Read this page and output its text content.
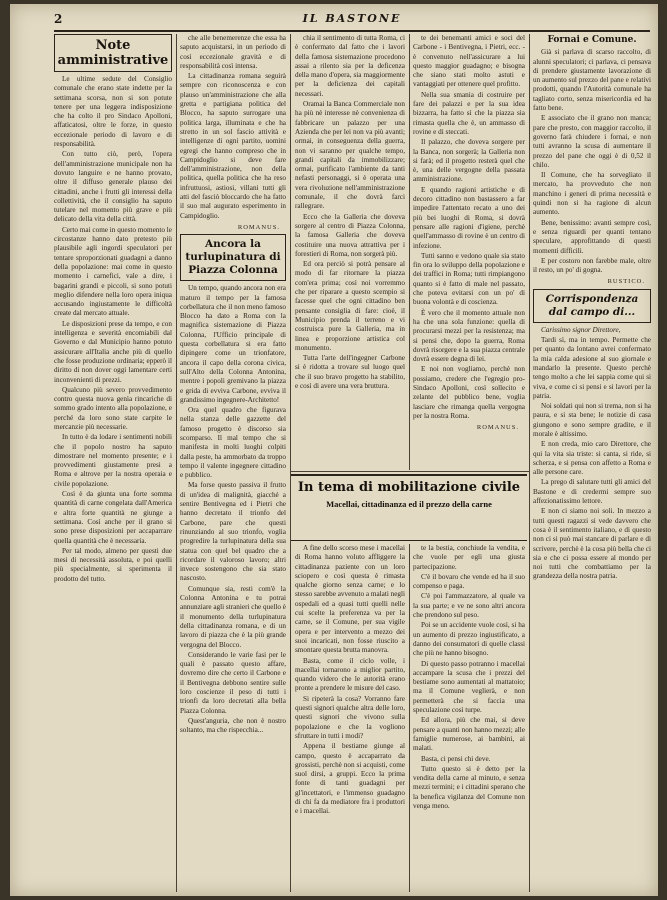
2	IL BASTONE
Note amministrative

Le ultime sedute del Consiglio comunale che erano state indette per la settimana scorsa, non si son potute tenere per una leggera indisposizione che ha colto il pro Sindaco Apolloni, affaticatosi, oltre le forze, in questo eccezionale periodo di lavoro e di responsabilità.

Con tutto ciò, però, l'opera dell'amministrazione municipale non ha dovuto languire e ne hanno provato, oltre il diffuso generale plauso dei cittadini, anche i frutti gli interessi della collettività, che il consiglio ha saputo tutelare nel momento più grave e più delicato della vita della città.

Certo mai come in questo momento le circostanze hanno dato pretesto più plausibile agli ingordi speculatori per tentare sproporzionati guadagni a danno della popolazione: mai come in questo momento i carnefici, vale a dire, i bagarini grandi e piccoli, si sono potuti meglio difendere nella loro opera iniqua accusando ingiustamente le difficoltà create dal mercato attuale.

Le disposizioni prese da tempo, e con intelligenza e severità encomiabili dal Governo e dal Municipio hanno potuto assicurare all'Italia anche più di quello che fosse produzione ordinaria; epperò il diritto di non dover oggi lamentare certi inconvenienti di prezzi.

Qualcuno più severo provvedimento contro questa nuova genìa rincariche di sommo grado intento alla popolazione, e perché da loro sono state carpite le mercanzie più necessarie.

In tutto è da lodare i sentimenti nobili che il popolo nostro ha saputo dimostrare nel momento presente; e i provvedimenti giustamente presi a Roma e altrove per la nostra operaia e civile popolazione.

Così è da giunta una forte somma quantità di carne congelata dall'America e altra forte quantità ne giunge a settimana. Così anche per il grano si sono prese disposizioni per accaparrare quella quantità che è necessaria.

Per tal modo, almeno per questi due mesi di necessità assoluta, e poi quelli più specialmente, si sperimenta il prodotto del tutto.

che alle benemerenze che essa ha saputo acquistarsi, in un periodo di così eccezionale gravità e di responsabilità così intensa.

La cittadinanza romana seguirà sempre con riconoscenza e con plauso un'amministrazione che alla gretta e partigiana politica del Blocco, ha saputo surrogare una politica larga, illuminata e che ha stretto in un sol fascio attività e intelligenze di ogni partito, uomini egregi che hanno compreso che in Campidoglio si deve fare dell'amministrazione, non della politica, quella politica che ha reso infruttuosi, astiosi, villani tutti gli atti del fasciò bloccardo che ha fatto il suo mal augurato esperimento in Campidoglio.

ROMANUS.
Ancora la turlupinatura di Piazza Colonna

Un tempo, quando ancora non era maturo il tempo per la famosa corbellatura che il non meno famoso Blocco ha dato a Roma con la magnifica sistemazione di Piazza Colonna, l'Ufficio principale di questa corbellatura si era fatto dipingere come un trionfatore, ancora il capo della corona civica, sull'Alto della Colonna Antonina, mentre i popoli gremivano la piazza e grida di evviva Carbone, evviva il grandissimo ingegnere-Architetto!

Ora quel quadro che figurava nella stanza delle gazzette del famoso progetto è discorso sia scomparso. Il mal tempo che si manifesta in molti luoghi colpiti dalla peste, ha ammorbato da troppo tempo il valente ingegnere cittadino e pubblico.

Ma forse questo passiva il frutto di un'idea di malignità, giacché a sentire Bentivegna ed i Pietri che hanno decretato il trionfo del Carbone, pare che questi rinunziando al suo trionfo, voglia progredire la turlupinatura della sua statua con quel bel quadro che a ricordare il valoroso lavoro; altri invece sostengono che sia stato nascosto.

Comunque sia, resti com'è la Colonna Antonina e tu potrai annunziare agli stranieri che quello è il monumento della turlupinatura della cittadinanza romana, e di un lavoro di piazza che è la più grande vergogna del Blocco.

Considerando le varie fasi per le quali è passato questo affare, dovremo dire che certo il Carbone e il Bentivegna debbono sentire sulle loro coscienze il peso di tutti i trionfi da loro decretati alla bella Piazza Colonna.

Quest'anguria, che non è nostro soltanto, ma che rispecchia...

chia il sentimento di tutta Roma, ci è confermato dal fatto che i lavori della famosa sistemazione procedono assai a rilento sia per la deficenza della mano d'opera, sia maggiormente per la deficienza dei capitali necessari.

Oramai la Banca Commerciale non ha più nè interesse nè convenienza di fabbricare un palazzo per una Azienda che per lei non va più avanti; ormai, in conseguenza della guerra, non vi saranno per qualche tempo, grandi capitali da immobilizzare; ormai, purificato l'ambiente da tanti nefasti personaggi, si è operata una vera rivoluzione nell'amministrazione comunale, il che dovrà farci rallegrare.

Ecco che la Galleria che doveva sorgere al centro di Piazza Colonna, la famosa Galleria che doveva costituire una nuova attrattiva per i forestieri di Roma, non sorgerà più.

Ed ora perciò si potrà pensare al modo di far ritornare la piazza com'era prima; così noi vorremmo che per riparare a questo scempio si facesse quel che ogni cittadino ben pensante consiglia di fare: cioè, il Municipio prenda il terreno e vi costruisca pure la Galleria, ma in linea e proporzione artistica col monumento.

Tutta l'arte dell'ingegner Carbone si è ridotta a trovare sul luogo quel che il suo bravo progetto ha stabilito, e così di avere una vera bruttura.

te dei benemanti amici e soci del Carbone - i Bentivegna, i Pietri, ecc. - è convenuto nell'assicurare a lui questo maggior guadagno; e bisogna che siano stati molto astuti e vantaggiati per ottenere quel profitto.

Nella sua smania di costruire per fare dei palazzi e per la sua idea bizzarra, ha fatto sì che la piazza sia rimasta quella che è, un ammasso di rovine e di steccati.

Il palazzo, che doveva sorgere per la Banca, non sorgerà; la Galleria non si farà; ed il progetto resterà quel che è, una delle vergogne della passata amministrazione.

E quando ragioni artistiche e di decoro cittadino non bastassero a far impedire l'attentato recato a uno dei più bei luoghi di Roma, si dovrà pensare alle ragioni d'igiene, perchè quell'ammasso di rovine è un centro di infezione.

Tutti sanno e vedono quale sia stato fin ora lo sviluppo della popolazione e dei traffici in Roma; tutti rimpiangono quanto si è fatto di male nel passato, che poteva evitarsi con un po' di buona volontà e di coscienza.

È vero che il momento attuale non ha che una sola funzione: quella di procurarsi mezzi per la resistenza; ma si pensi che, dopo la guerra, Roma dovrà risorgere e la sua piazza centrale dovrà essere degna di lei.

E noi non vogliamo, perchè non possiamo, credere che l'egregio pro-Sindaco Apolloni, così sollecito e zelante del pubblico bene, voglia lasciare che rimanga quella vergogna per la nostra Roma.

ROMANUS.
Fornai e Comune.

Già si parlava di scarso raccolto, di alunni speculatori; ci parlava, ci pensava di prendere giustamente lavorazione di un aumento sul prezzo del pane e relativi prodotti, quando l'Autorità comunale ha tagliato corto, senza misericordia ed ha fatto bene.

E associato che il grano non manca; pare che presto, con maggior raccolto, il governo farà chiudere i fornai, e non tutti avranno la scusa di aumentare il prezzo del pane che oggi è di 0,52 il chilo.

Il Comune, che ha sorvegliato il mercato, ha provveduto che non manchino i generi di prima necessità e quindi non si ha ragione di alcun aumento.

Bene, benissimo: avanti sempre così, e senza riguardi per quanti tentano speculare, approfittando di questi momenti difficili.

E per costoro non farebbe male, oltre il resto, un po' di gogna.

RUSTICO.
Corrispondenza dal campo di...

Carissimo signor Direttore,

Tardi sì, ma in tempo. Permette che per quanto da lontano avrei confermato la mia calda adesione al suo giornale e mandarlo la presente. Questo perchè tengo molto a che lei sappia come qui si viva, e come ci si pensi e si lavori per la patria.

Noi soldati qui non si trema, non si ha paura, e si sta bene; le notizie di casa giungono e sono sempre gradite, e il morale è altissimo.

E non creda, mio caro Direttore, che qui la vita sia triste: si canta, si ride, si scherza, e si pensa con affetto a Roma e alle persone care.

La prego di salutare tutti gli amici del Bastone e di credermi sempre suo affezionatissimo lettore.

E non ci siamo noi soli. In mezzo a tutti questi ragazzi si vede davvero che cosa è il sentimento italiano, e di questo non ci si può mai stancare di parlare e di scrivere, perchè è la cosa più bella che ci sia e che ci possa essere al mondo per noi tutti che combattiamo per la grandezza della nostra patria.

In tema di mobilitazione civile
Macellai, cittadinanza ed il prezzo della carne

A fine dello scorso mese i macellai di Roma hanno voluto affliggere la cittadinanza paziente con un loro sciopero e così questa è rimasta qualche giorno senza carne; e lo stesso sarebbe avvenuto a malati negli ospedali ed a quasi tutti quelli nelle cui scelte la preferenza va per la carne, se il Comune, per sua vigile opera e per intervento a mezzo dei suoi incaricati, non fosse riuscito a smontare questa brutta manovra.

Basta, come il ciclo volle, i macellai tornarono a miglior partito, quando videro che le autorità erano pronte a prendere le misure del caso.

Si ripeterà la cosa? Vorranno fare questi signori qualche altra delle loro, questi signori che vivono sulla popolazione e che la vogliono sfruttare in tutti i modi?

Appena il bestiame giunge al campo, questo è accaparrato da grossisti, perchè non si acquisti, come suol dirsi, a gruppi. Ecco la prima fonte di tanti guadagni per gl'incettatori, e l'immenso guadagno di chi fa da mediatore fra i produttori e i macellai.

te la bestia, conchiude la vendita, e che vuole per egli una giusta partecipazione.

C'è il bovaro che vende ed ha il suo compenso e paga.

C'è poi l'ammazzatore, al quale va la sua parte; e ve ne sono altri ancora che prendono sul peso.

Poi se un accidente vuole così, si ha un aumento di prezzo ingiustificato, a danno dei consumatori di quelle classi che più ne hanno bisogno.

Di questo passo potranno i macellai accampare la scusa che i prezzi del bestiame sono aumentati al mattatoio; ma il Comune veglierà, e non permetterà che si faccia una speculazione così turpe.

Ed allora, più che mai, si deve pensare a quanti non hanno mezzi; alle famiglie numerose, ai bambini, ai malati.

Basta, ci pensi chi deve.

Tutto questo si è detto per la vendita della carne al minuto, e senza mezzi termini; e i cittadini sperano che la benefica vigilanza del Comune non venga meno.
